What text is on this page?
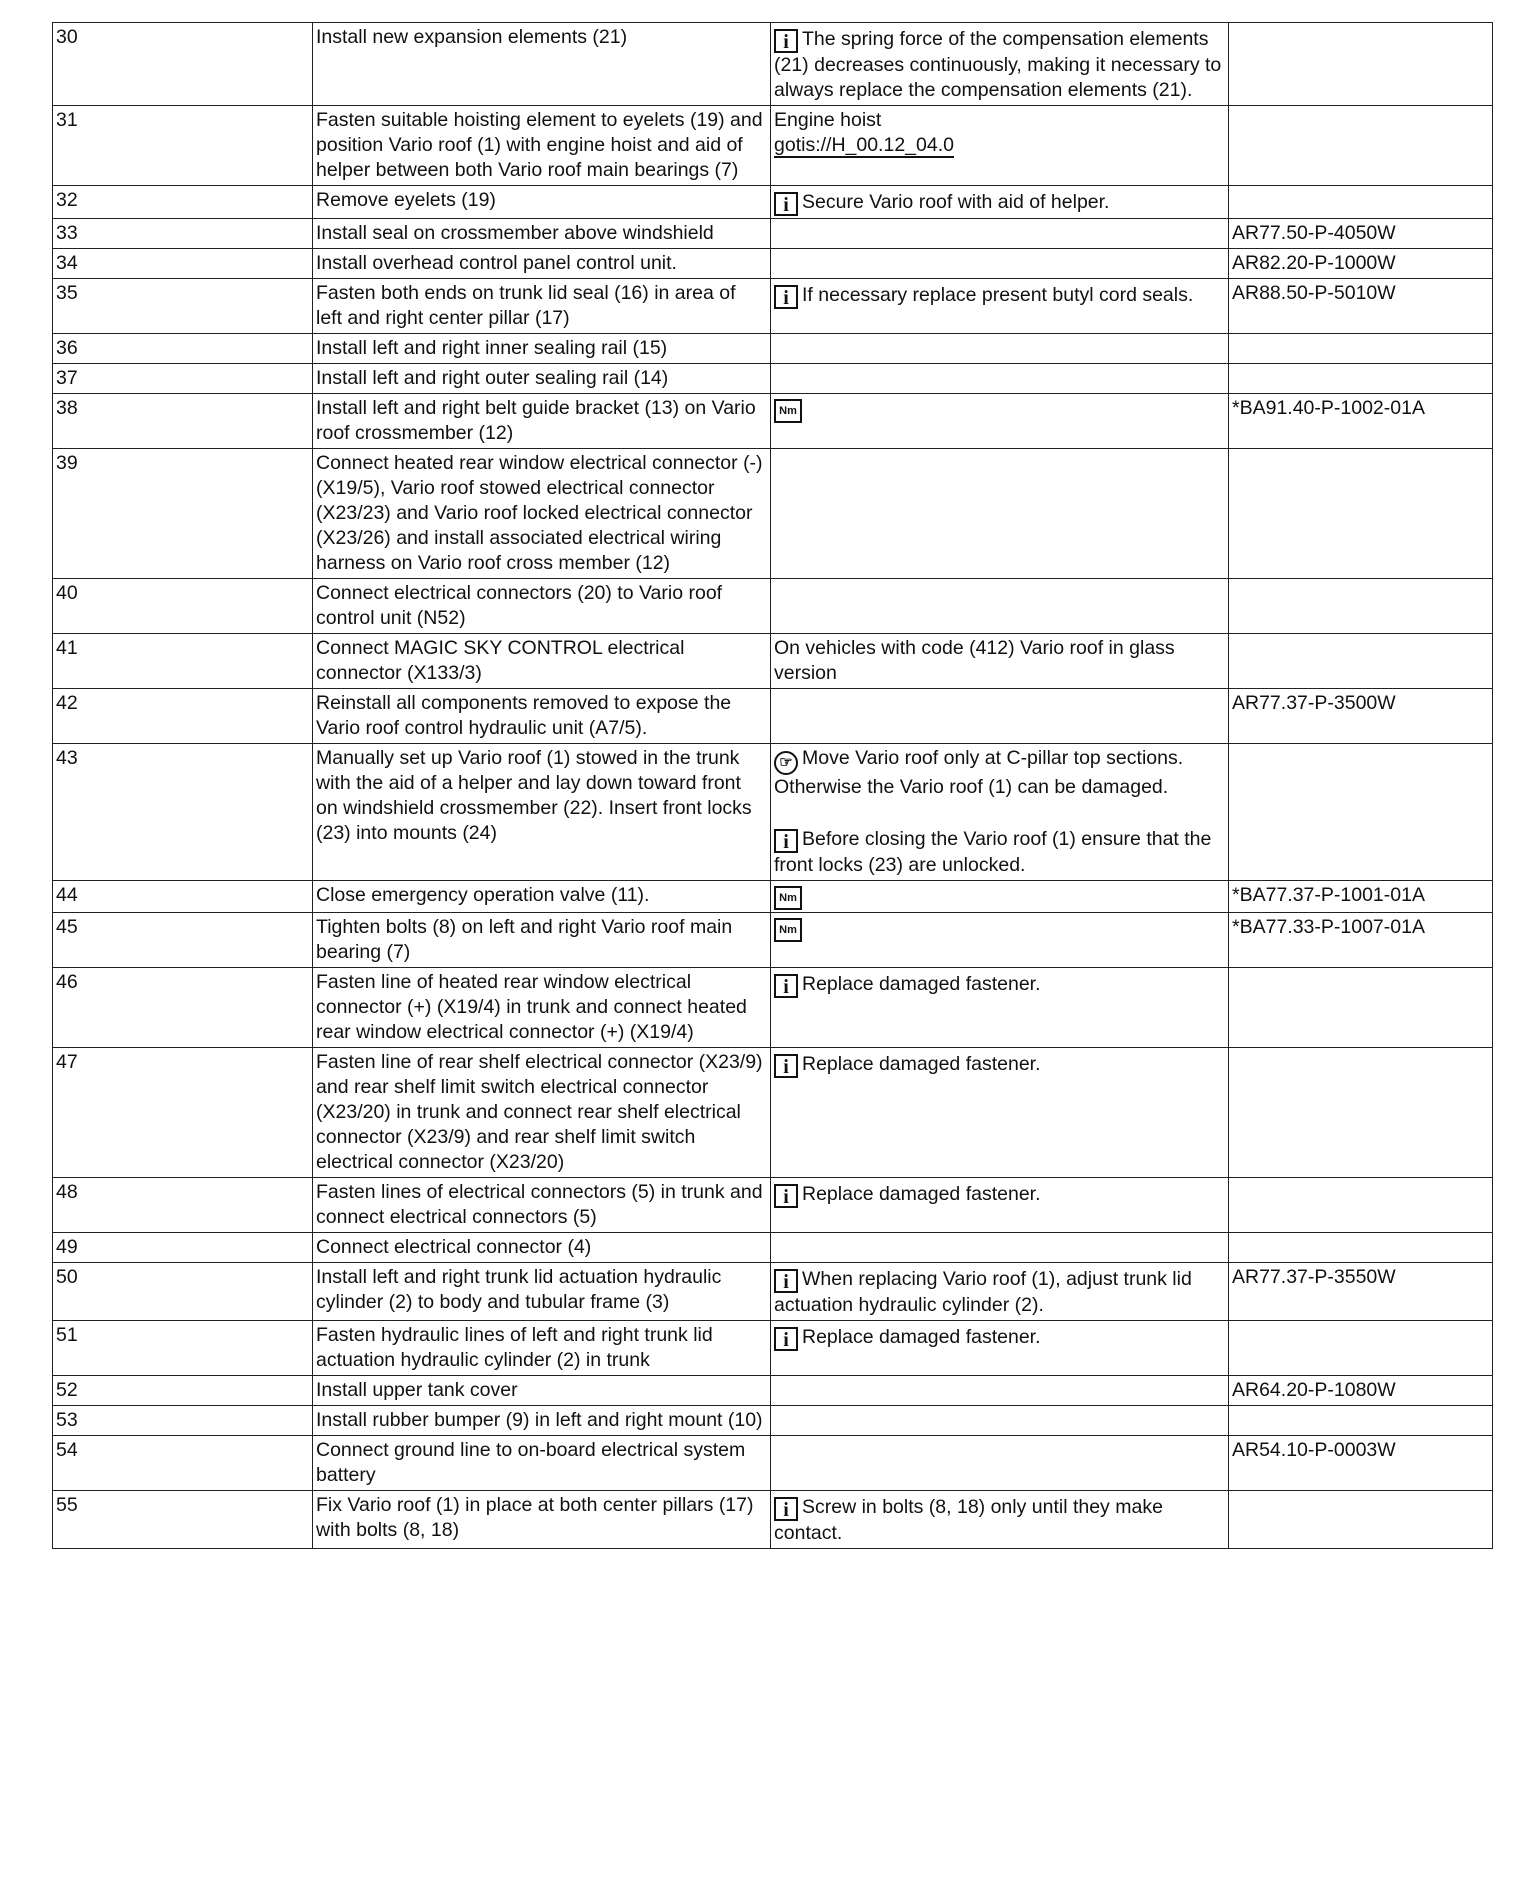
30	Install new expansion elements (21)	i The spring force of the compensation elements (21) decreases continuously, making it necessary to always replace the compensation elements (21).	

31	Fasten suitable hoisting element to eyelets (19) and position Vario roof (1) with engine hoist and aid of helper between both Vario roof main bearings (7)	Engine hoist
gotis://H_00.12_04.0	

32	Remove eyelets (19)	i Secure Vario roof with aid of helper.	

33	Install seal on crossmember above windshield		AR77.50-P-4050W
34	Install overhead control panel control unit.		AR82.20-P-1000W
35	Fasten both ends on trunk lid seal (16) in area of left and right center pillar (17)	i If necessary replace present butyl cord seals.	AR88.50-P-5010W
36	Install left and right inner sealing rail (15)		
37	Install left and right outer sealing rail (14)		
38	Install left and right belt guide bracket (13) on Vario roof crossmember (12)	Nm	*BA91.40-P-1002-01A
39	Connect heated rear window electrical connector (-) (X19/5), Vario roof stowed electrical connector (X23/23) and Vario roof locked electrical connector (X23/26) and install associated electrical wiring harness on Vario roof cross member (12)		
40	Connect electrical connectors (20) to Vario roof control unit (N52)		
41	Connect MAGIC SKY CONTROL electrical connector (X133/3)	On vehicles with code (412) Vario roof in glass version	

42	Reinstall all components removed to expose the Vario roof control hydraulic unit (A7/5).		AR77.37-P-3500W
43	Manually set up Vario roof (1) stowed in the trunk with the aid of a helper and lay down toward front on windshield crossmember (22). Insert front locks (23) into mounts (24)	☞ Move Vario roof only at C-pillar top sections. Otherwise the Vario roof (1) can be damaged.
i Before closing the Vario roof (1) ensure that the front locks (23) are unlocked.	

44	Close emergency operation valve (11).	Nm	*BA77.37-P-1001-01A
45	Tighten bolts (8) on left and right Vario roof main bearing (7)	Nm	*BA77.33-P-1007-01A
46	Fasten line of heated rear window electrical connector (+) (X19/4) in trunk and connect heated rear window electrical connector (+) (X19/4)	i Replace damaged fastener.	

47	Fasten line of rear shelf electrical connector (X23/9) and rear shelf limit switch electrical connector (X23/20) in trunk and connect rear shelf electrical connector (X23/9) and rear shelf limit switch electrical connector (X23/20)	i Replace damaged fastener.	

48	Fasten lines of electrical connectors (5) in trunk and connect electrical connectors (5)	i Replace damaged fastener.	

49	Connect electrical connector (4)		
50	Install left and right trunk lid actuation hydraulic cylinder (2) to body and tubular frame (3)	i When replacing Vario roof (1), adjust trunk lid actuation hydraulic cylinder (2).	AR77.37-P-3550W
51	Fasten hydraulic lines of left and right trunk lid actuation hydraulic cylinder (2) in trunk	i Replace damaged fastener.	

52	Install upper tank cover		AR64.20-P-1080W
53	Install rubber bumper (9) in left and right mount (10)		
54	Connect ground line to on-board electrical system battery		AR54.10-P-0003W
55	Fix Vario roof (1) in place at both center pillars (17) with bolts (8, 18)	i Screw in bolts (8, 18) only until they make contact.	
